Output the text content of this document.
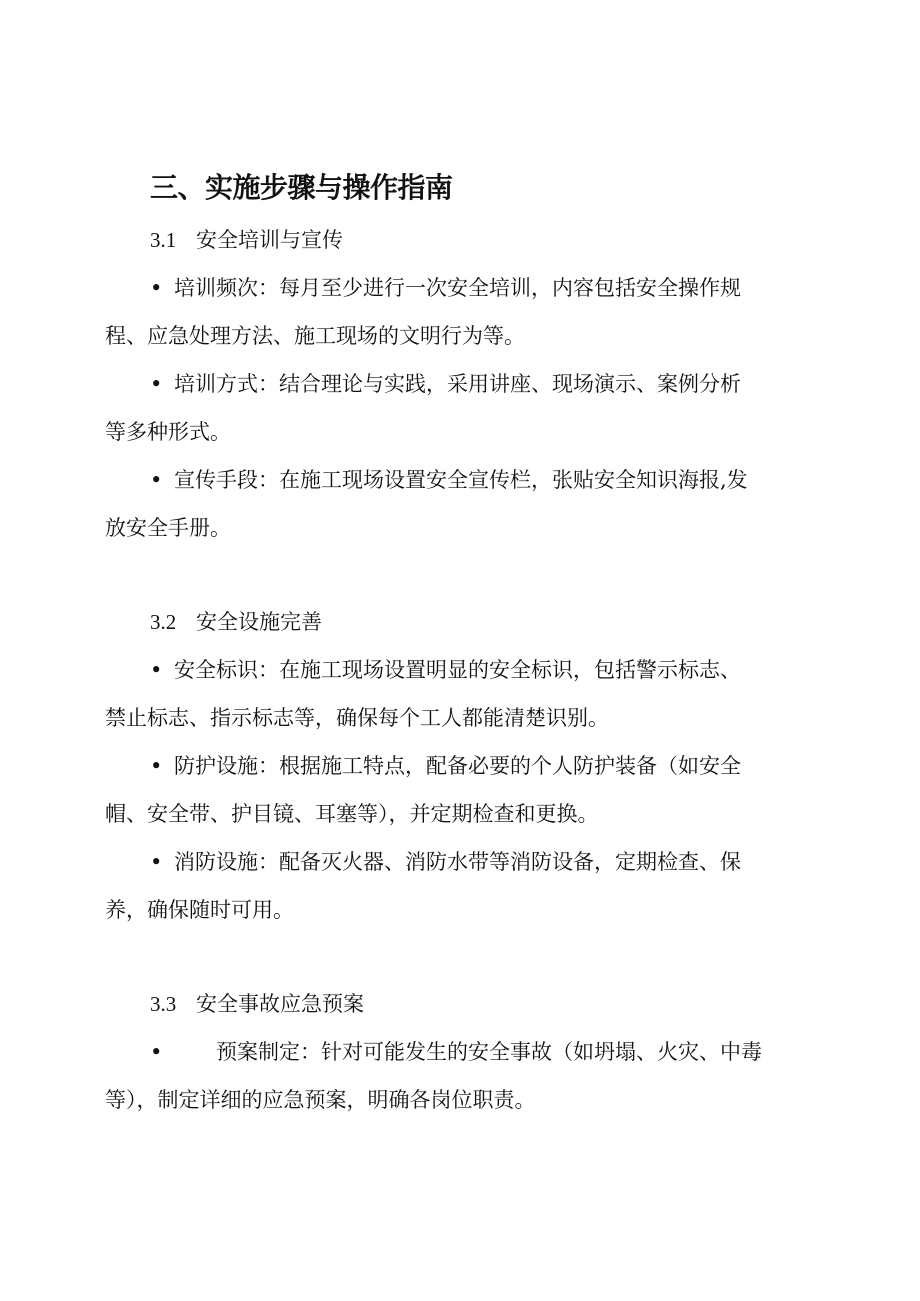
三、实施步骤与操作指南
3.1 安全培训与宣传
• 培训频次：每月至少进行一次安全培训，内容包括安全操作规
程、应急处理方法、施工现场的文明行为等。
• 培训方式：结合理论与实践，采用讲座、现场演示、案例分析
等多种形式。
• 宣传手段：在施工现场设置安全宣传栏，张贴安全知识海报,发
放安全手册。
3.2 安全设施完善
• 安全标识：在施工现场设置明显的安全标识，包括警示标志、
禁止标志、指示标志等，确保每个工人都能清楚识别。
• 防护设施：根据施工特点，配备必要的个人防护装备（如安全
帽、安全带、护目镜、耳塞等），并定期检查和更换。
• 消防设施：配备灭火器、消防水带等消防设备，定期检查、保
养，确保随时可用。
3.3 安全事故应急预案
•	预案制定：针对可能发生的安全事故（如坍塌、火灾、中毒
等），制定详细的应急预案，明确各岗位职责。
